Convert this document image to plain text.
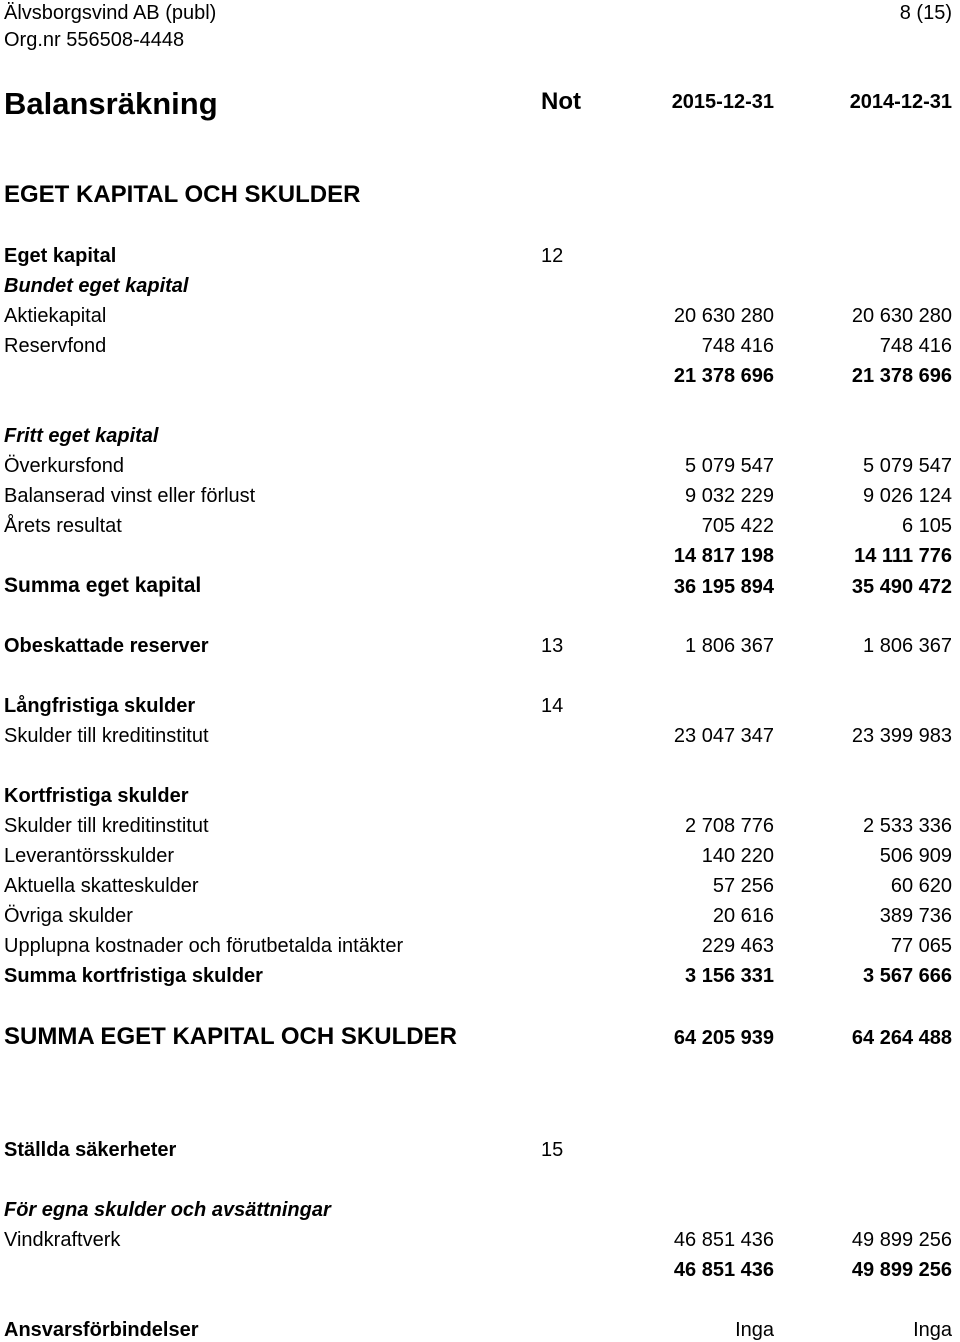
Älvsborgsvind AB (publ)	8 (15)
Org.nr 556508-4448
Balansräkning	Not	2015-12-31	2014-12-31
EGET KAPITAL OCH SKULDER
Eget kapital	12
Bundet eget kapital
Aktiekapital	20 630 280	20 630 280
Reservfond	748 416	748 416
21 378 696	21 378 696
Fritt eget kapital
Överkursfond	5 079 547	5 079 547
Balanserad vinst eller förlust	9 032 229	9 026 124
Årets resultat	705 422	6 105
14 817 198	14 111 776
Summa eget kapital	36 195 894	35 490 472
Obeskattade reserver	13	1 806 367	1 806 367
Långfristiga skulder	14
Skulder till kreditinstitut	23 047 347	23 399 983
Kortfristiga skulder
Skulder till kreditinstitut	2 708 776	2 533 336
Leverantörsskulder	140 220	506 909
Aktuella skatteskulder	57 256	60 620
Övriga skulder	20 616	389 736
Upplupna kostnader och förutbetalda intäkter	229 463	77 065
Summa kortfristiga skulder	3 156 331	3 567 666
SUMMA EGET KAPITAL OCH SKULDER	64 205 939	64 264 488
Ställda säkerheter	15
För egna skulder och avsättningar
Vindkraftverk	46 851 436	49 899 256
46 851 436	49 899 256
Ansvarsförbindelser	Inga	Inga
